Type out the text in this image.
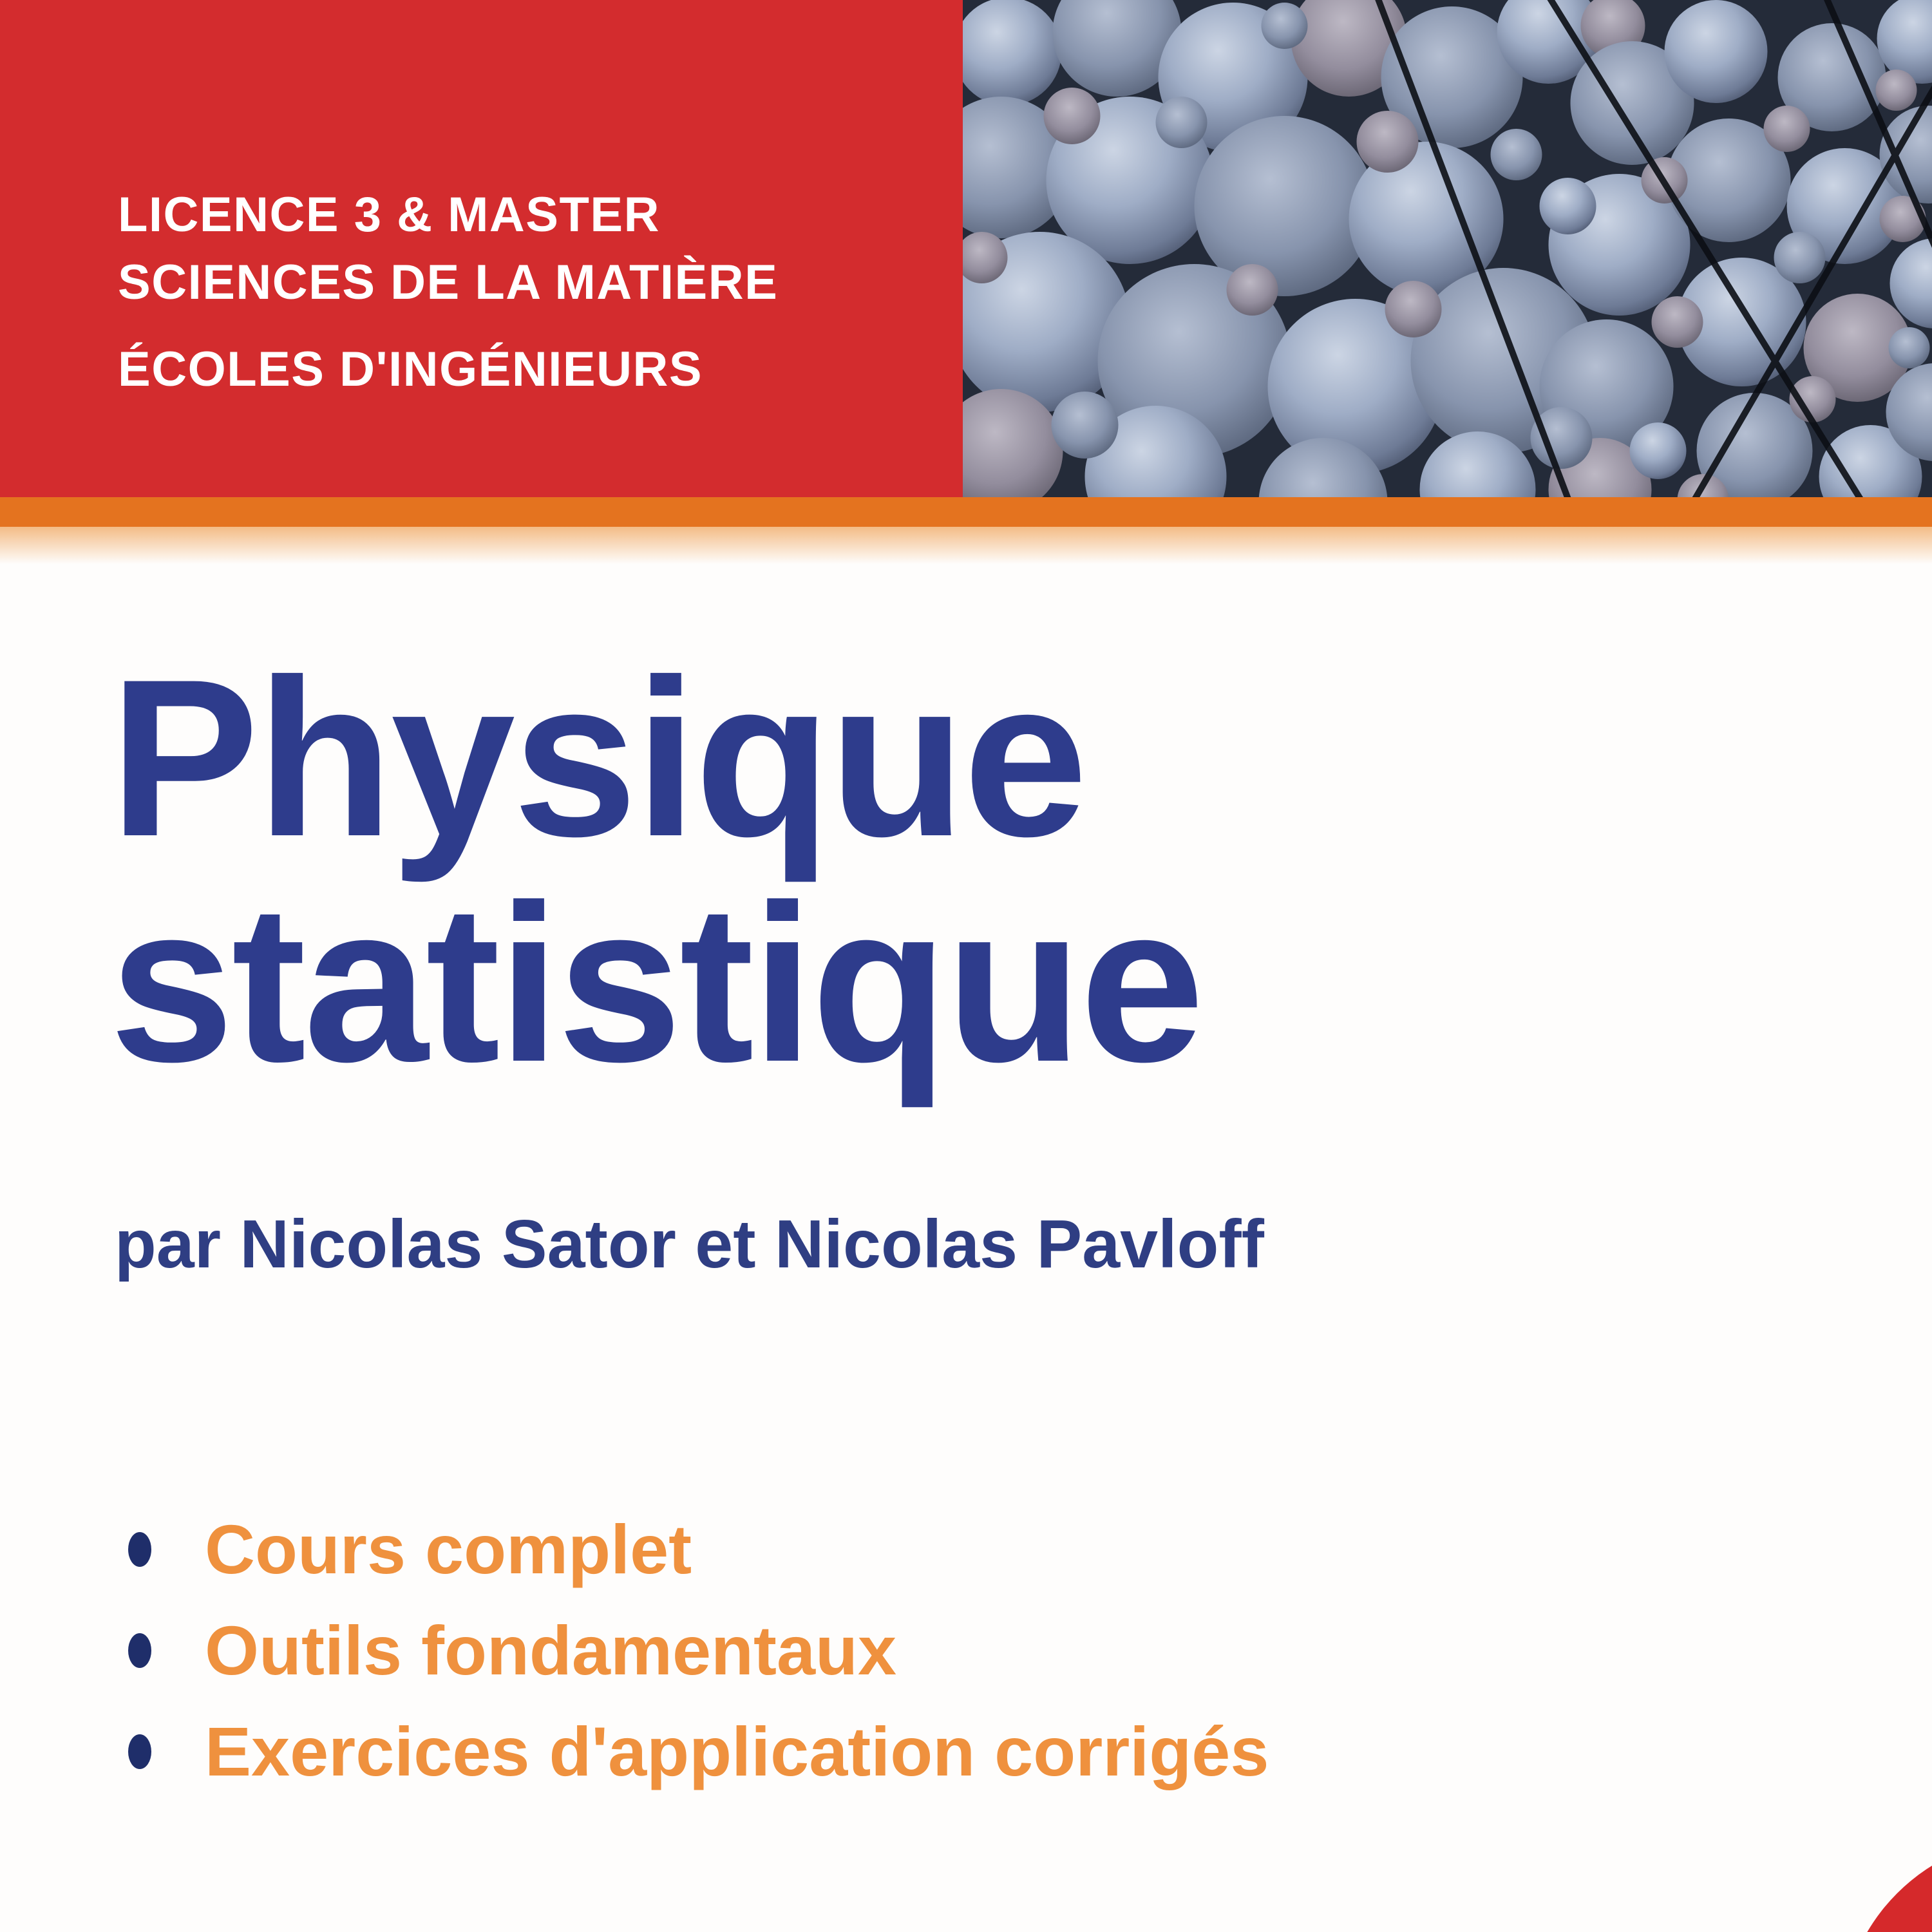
LICENCE 3 & MASTER
SCIENCES DE LA MATIÈRE
ÉCOLES D'INGÉNIEURS
Physique
statistique
par Nicolas Sator et Nicolas Pavloff
Cours complet
Outils fondamentaux
Exercices d'application corrigés
